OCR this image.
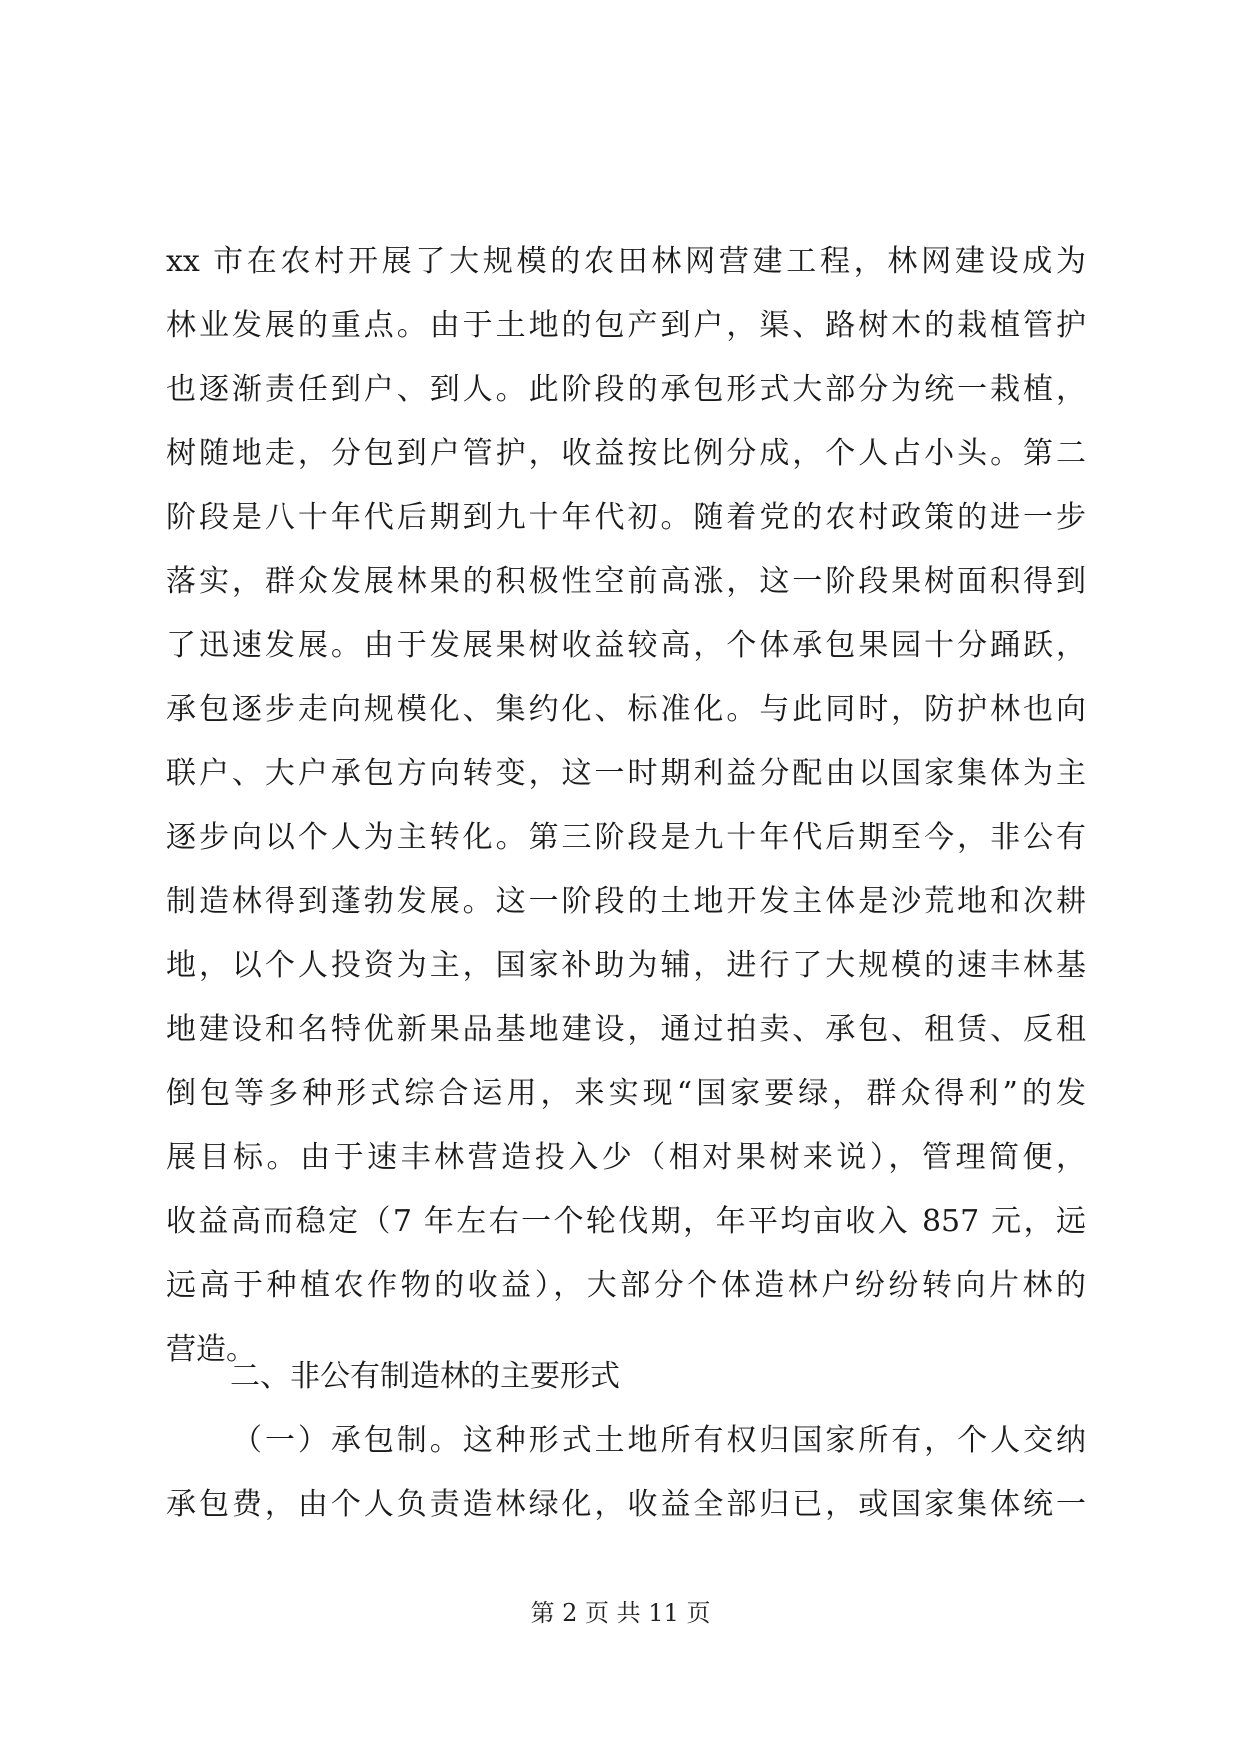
xx 市在农村开展了大规模的农田林网营建工程，林网建设成为
林业发展的重点。由于土地的包产到户，渠、路树木的栽植管护
也逐渐责任到户、到人。此阶段的承包形式大部分为统一栽植，
树随地走，分包到户管护，收益按比例分成，个人占小头。第二
阶段是八十年代后期到九十年代初。随着党的农村政策的进一步
落实，群众发展林果的积极性空前高涨，这一阶段果树面积得到
了迅速发展。由于发展果树收益较高，个体承包果园十分踊跃，
承包逐步走向规模化、集约化、标准化。与此同时，防护林也向
联户、大户承包方向转变，这一时期利益分配由以国家集体为主
逐步向以个人为主转化。第三阶段是九十年代后期至今，非公有
制造林得到蓬勃发展。这一阶段的土地开发主体是沙荒地和次耕
地，以个人投资为主，国家补助为辅，进行了大规模的速丰林基
地建设和名特优新果品基地建设，通过拍卖、承包、租赁、反租
倒包等多种形式综合运用，来实现“国家要绿，群众得利”的发
展目标。由于速丰林营造投入少（相对果树来说），管理简便，
收益高而稳定（7 年左右一个轮伐期，年平均亩收入 857 元，远
远高于种植农作物的收益），大部分个体造林户纷纷转向片林的
营造。
二、非公有制造林的主要形式
（一）承包制。这种形式土地所有权归国家所有，个人交纳
承包费，由个人负责造林绿化，收益全部归已，或国家集体统一
第 2 页 共 11 页
